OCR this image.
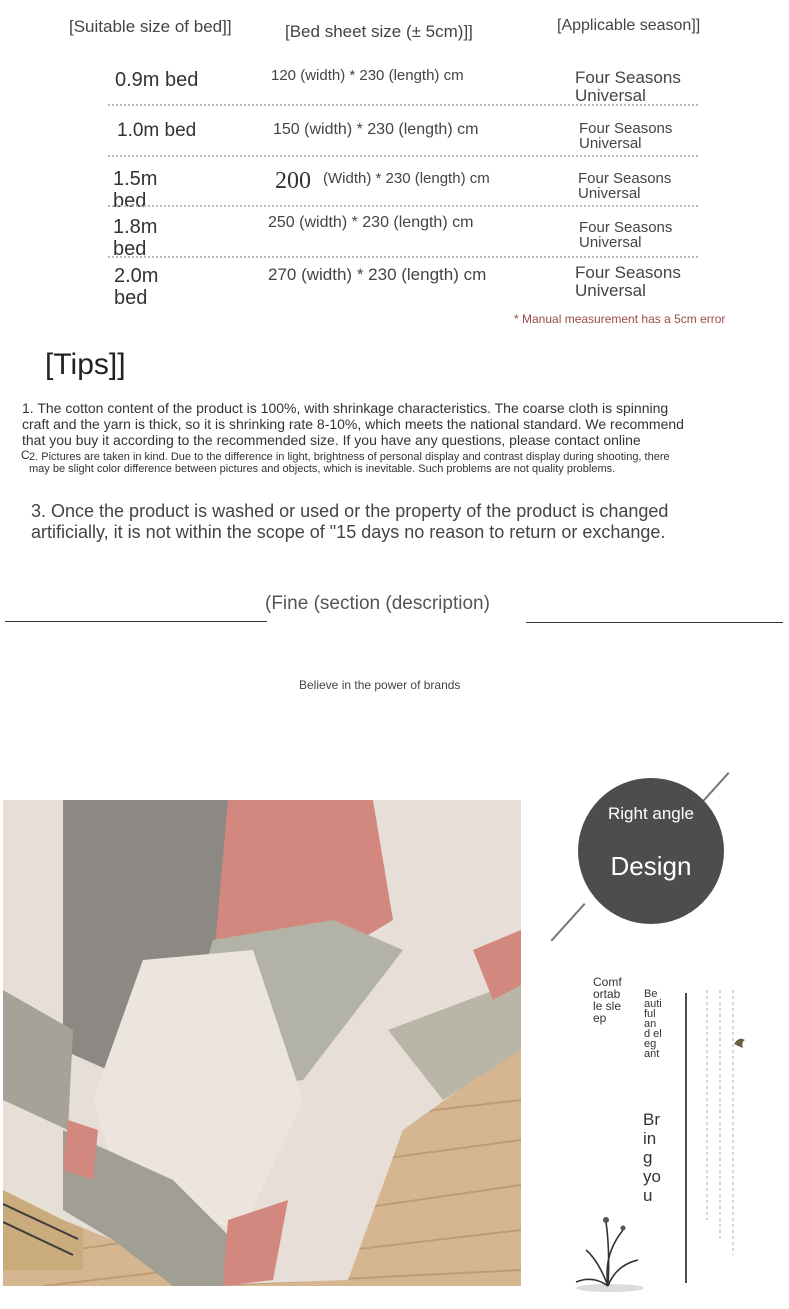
[Suitable size of bed]]	[Bed sheet size (± 5cm)]]	[Applicable season]]
0.9m bed	120 (width) * 230 (length) cm	Four Seasons
Universal
1.0m bed	150 (width) * 230 (length) cm	Four Seasons
Universal
1.5m
bed
200 (Width) * 230 (length) cm	Four Seasons
Universal
1.8m
bed
250 (width) * 230 (length) cm	Four Seasons
Universal
2.0m
bed
270 (width) * 230 (length) cm	Four Seasons
Universal
* Manual measurement has a 5cm error
[Tips]]
1. The cotton content of the product is 100%, with shrinkage characteristics. The coarse cloth is spinning
craft and the yarn is thick, so it is shrinking rate 8-10%, which meets the national standard. We recommend
that you buy it according to the recommended size. If you have any questions, please contact online
C 2. Pictures are taken in kind. Due to the difference in light, brightness of personal display and contrast display during shooting, there
may be slight color difference between pictures and objects, which is inevitable. Such problems are not quality problems.
3. Once the product is washed or used or the property of the product is changed
artificially, it is not within the scope of "15 days no reason to return or exchange.
(Fine (section (description)
Believe in the power of brands
Right angle
Design
Comfortable sleep
Beautiful and elegant
Bring you
